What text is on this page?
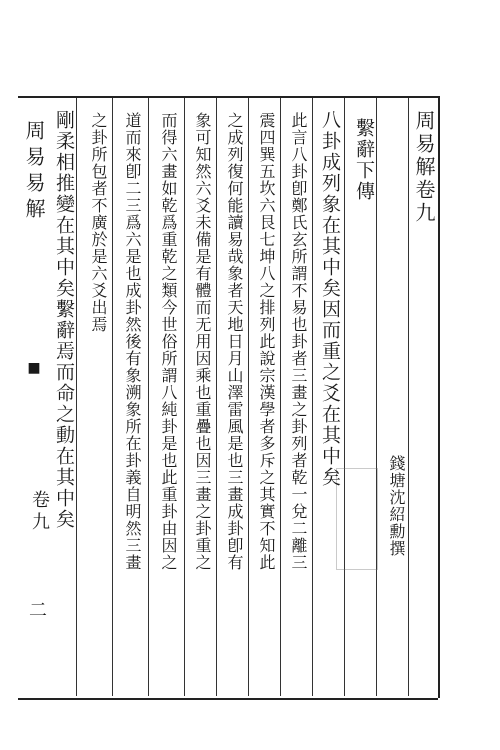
周易易解
■
卷九
二
周易解卷九
錢塘沈紹勳撰
繫辭下傳
八卦成列象在其中矣因而重之爻在其中矣
此言八卦卽鄭氏玄所謂不易也卦者三畫之卦列者乾一兌二離三
震四巽五坎六艮七坤八之排列此說宗漢學者多斥之其實不知此
之成列復何能讀易哉象者天地日月山澤雷風是也三畫成卦卽有
象可知然六爻未備是有體而无用因乘也重疊也因三畫之卦重之
而得六畫如乾爲重乾之類今世俗所謂八純卦是也此重卦由因之
道而來卽二三爲六是也成卦然後有象溯象所在卦義自明然三畫
之卦所包者不廣於是六爻出焉
剛柔相推變在其中矣繫辭焉而命之動在其中矣
